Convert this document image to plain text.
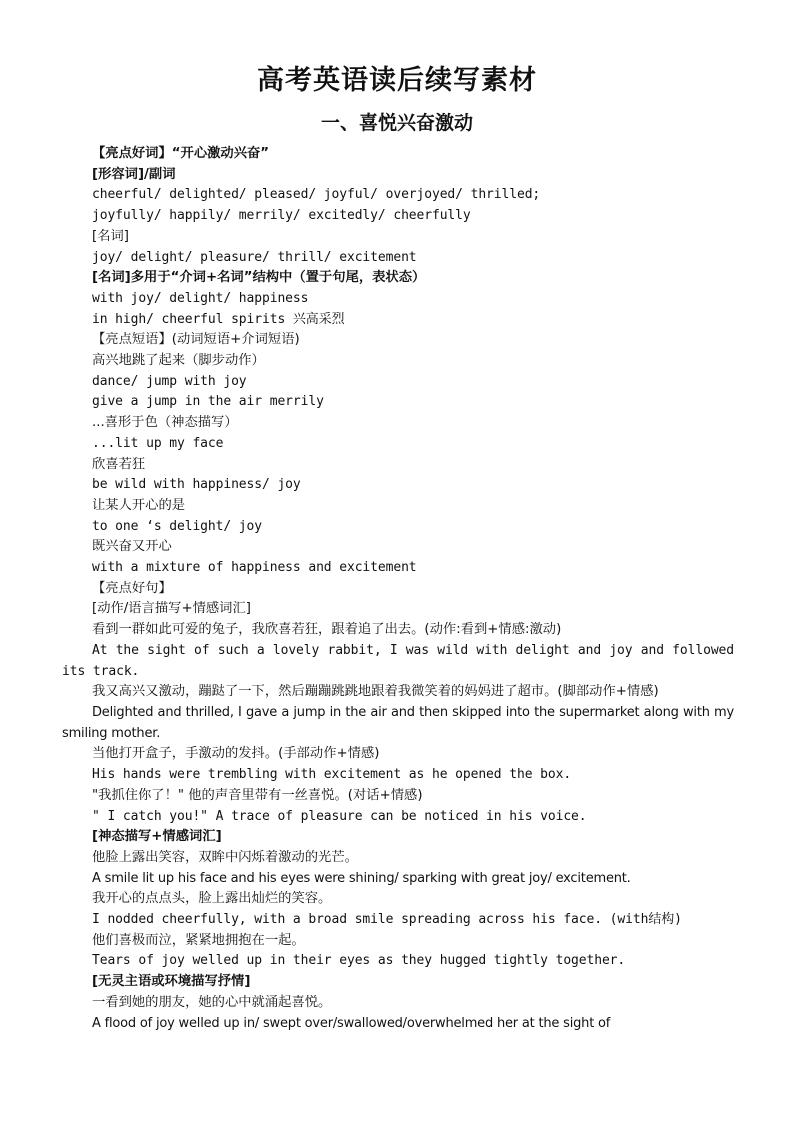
高考英语读后续写素材
一、喜悦兴奋激动
【亮点好词】“开心激动兴奋”
[形容词]/副词
cheerful/ delighted/ pleased/ joyful/ overjoyed/ thrilled;
joyfully/ happily/ merrily/ excitedly/ cheerfully
[名词]
joy/ delight/ pleasure/ thrill/ excitement
[名词]多用于“介词+名词”结构中（置于句尾，表状态）
with joy/ delight/ happiness
in high/ cheerful spirits 兴高采烈
【亮点短语】(动词短语+介词短语)
高兴地跳了起来（脚步动作）
dance/ jump with joy
give a jump in the air merrily
...喜形于色（神态描写）
...lit up my face
欣喜若狂
be wild with happiness/ joy
让某人开心的是
to one ‘s delight/ joy
既兴奋又开心
with a mixture of happiness and excitement
【亮点好句】
[动作/语言描写+情感词汇]
看到一群如此可爱的兔子，我欣喜若狂，跟着追了出去。(动作:看到+情感:激动)
At the sight of such a lovely rabbit, I was wild with delight and joy and followed its track.
我又高兴又激动，蹦跶了一下，然后蹦蹦跳跳地跟着我微笑着的妈妈进了超市。(脚部动作+情感)
Delighted and thrilled, I gave a jump in the air and then skipped into the supermarket along with my smiling mother.
当他打开盒子，手激动的发抖。(手部动作+情感)
His hands were trembling with excitement as he opened the box.
"我抓住你了！" 他的声音里带有一丝喜悦。(对话+情感)
" I catch you!" A trace of pleasure can be noticed in his voice.
[神态描写+情感词汇]
他脸上露出笑容，双眸中闪烁着激动的光芒。
A smile lit up his face and his eyes were shining/ sparking with great joy/ excitement.
我开心的点点头，脸上露出灿烂的笑容。
I nodded cheerfully, with a broad smile spreading across his face. (with结构)
他们喜极而泣，紧紧地拥抱在一起。
Tears of joy welled up in their eyes as they hugged tightly together.
[无灵主语或环境描写抒情]
一看到她的朋友，她的心中就涌起喜悦。
A flood of joy welled up in/ swept over/swallowed/overwhelmed her at the sight of
